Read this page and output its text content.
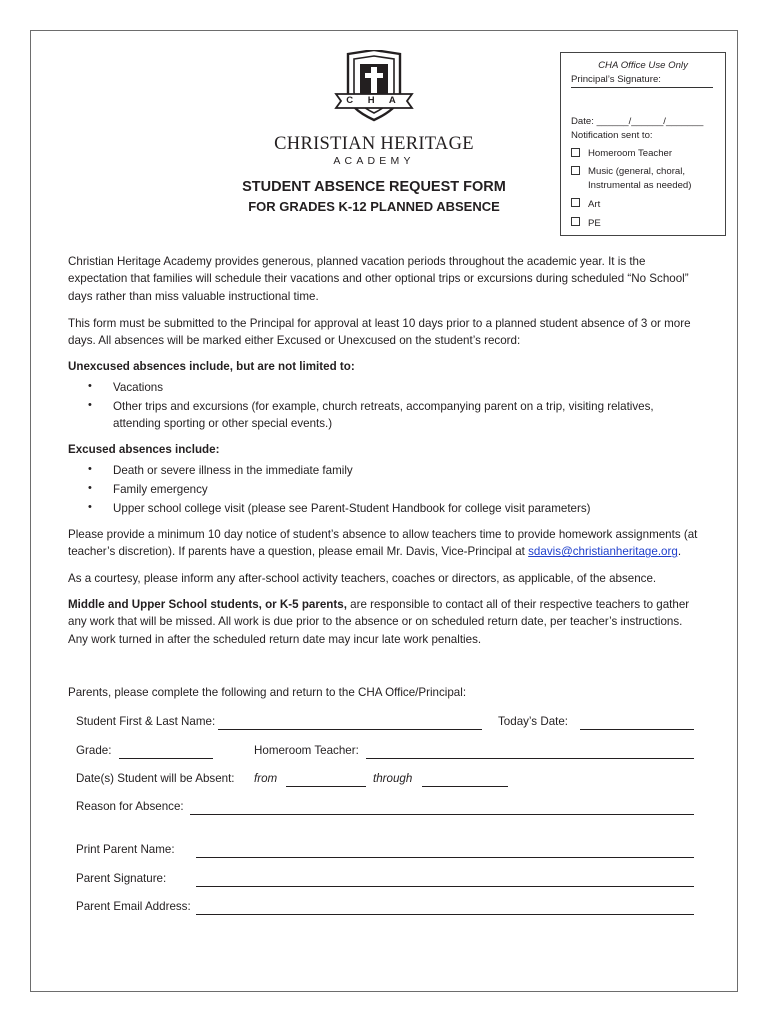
C H A
CHRISTIAN HERITAGE
ACADEMY
STUDENT ABSENCE REQUEST FORM
FOR GRADES K-12 PLANNED ABSENCE
CHA Office Use Only
Principal’s Signature:
Date: ______/______/_______
Notification sent to:
Homeroom Teacher
Music (general, choral,
Instrumental as needed)
Art
PE
Christian Heritage Academy provides generous, planned vacation periods throughout the academic year. It is the expectation that families will schedule their vacations and other optional trips or excursions during scheduled “No School” days rather than miss valuable instructional time.
This form must be submitted to the Principal for approval at least 10 days prior to a planned student absence of 3 or more days. All absences will be marked either Excused or Unexcused on the student’s record:
Unexcused absences include, but are not limited to:
•	Vacations
•	Other trips and excursions (for example, church retreats, accompanying parent on a trip, visiting relatives, attending sporting or other special events.)
Excused absences include:
•	Death or severe illness in the immediate family
•	Family emergency
•	Upper school college visit (please see Parent-Student Handbook for college visit parameters)
Please provide a minimum 10 day notice of student’s absence to allow teachers time to provide homework assignments (at teacher’s discretion). If parents have a question, please email Mr. Davis, Vice-Principal at sdavis@christianheritage.org.
As a courtesy, please inform any after-school activity teachers, coaches or directors, as applicable, of the absence.
Middle and Upper School students, or K-5 parents, are responsible to contact all of their respective teachers to gather any work that will be missed. All work is due prior to the absence or on scheduled return date, per teacher’s instructions. Any work turned in after the scheduled return date may incur late work penalties.
Parents, please complete the following and return to the CHA Office/Principal:
Student First & Last Name:	Today’s Date:
Grade:	Homeroom Teacher:
Date(s) Student will be Absent: from	through
Reason for Absence:
Print Parent Name:
Parent Signature:
Parent Email Address:
